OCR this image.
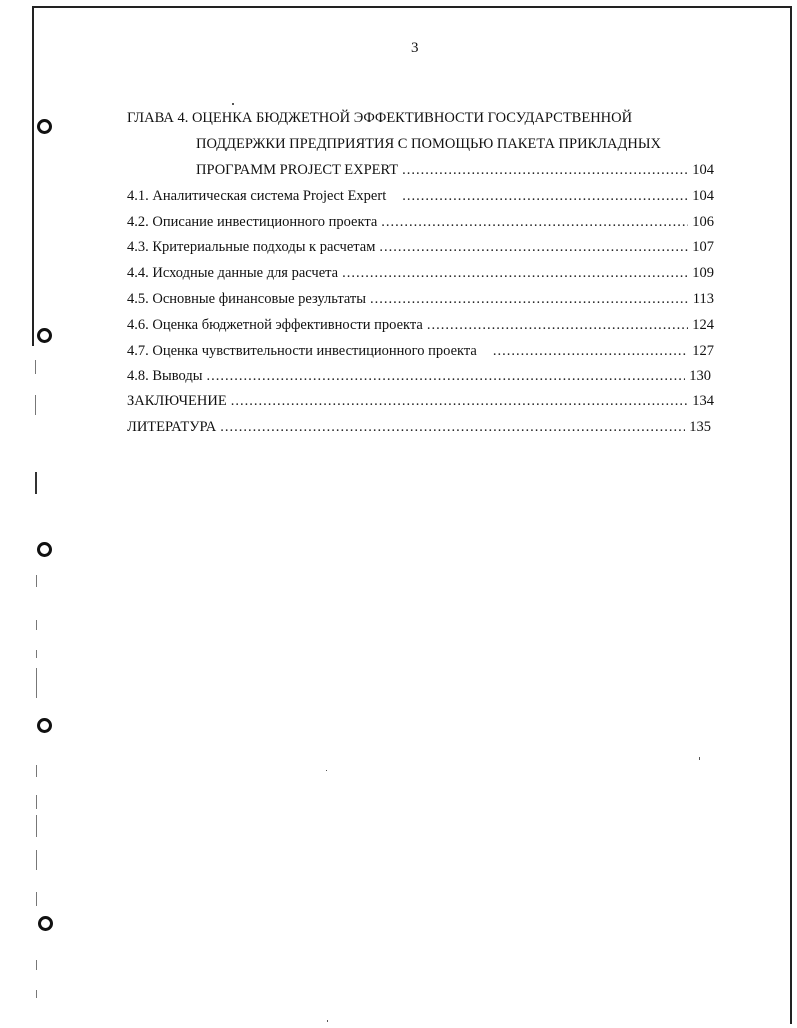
3
ГЛАВА 4. ОЦЕНКА БЮДЖЕТНОЙ ЭФФЕКТИВНОСТИ ГОСУДАРСТВЕННОЙ
ПОДДЕРЖКИ ПРЕДПРИЯТИЯ С ПОМОЩЬЮ ПАКЕТА ПРИКЛАДНЫХ
ПРОГРАММ PROJECT EXPERT .....	104
4.1. Аналитическая система Project Expert .....	104
4.2. Описание инвестиционного проекта .....	106
4.3. Критериальные подходы к расчетам .....	107
4.4. Исходные данные для расчета .....	109
4.5. Основные финансовые результаты .....	113
4.6. Оценка бюджетной эффективности проекта .....	124
4.7. Оценка чувствительности инвестиционного проекта .....	127
4.8. Выводы .....	130
ЗАКЛЮЧЕНИЕ .....	134
ЛИТЕРАТУРА .....	135
